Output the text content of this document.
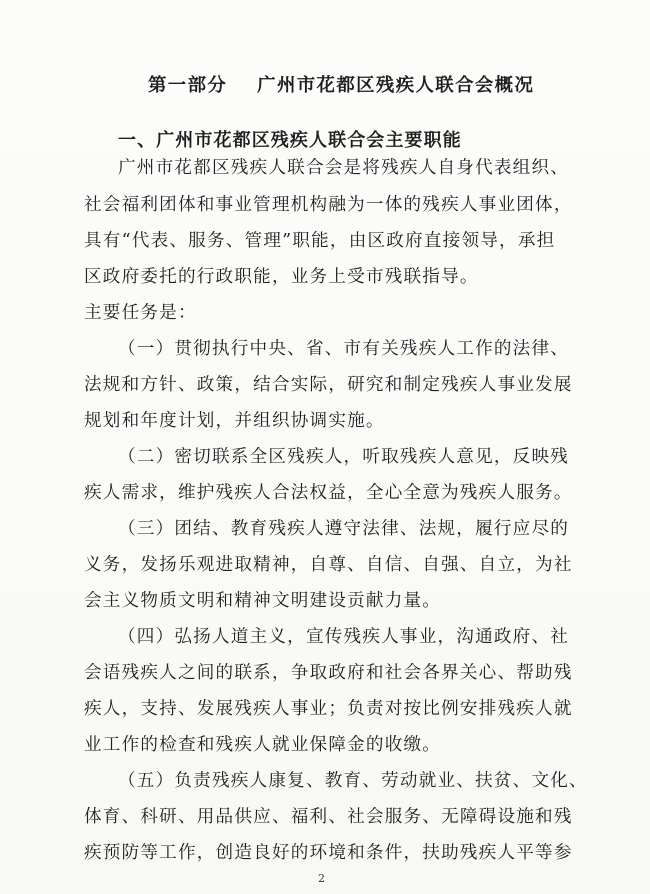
第一部分 广州市花都区残疾人联合会概况
一、广州市花都区残疾人联合会主要职能
广州市花都区残疾人联合会是将残疾人自身代表组织、
社会福利团体和事业管理机构融为一体的残疾人事业团体，
具有“代表、服务、管理”职能，由区政府直接领导，承担
区政府委托的行政职能，业务上受市残联指导。
主要任务是：
（一）贯彻执行中央、省、市有关残疾人工作的法律、
法规和方针、政策，结合实际，研究和制定残疾人事业发展
规划和年度计划，并组织协调实施。
（二）密切联系全区残疾人，听取残疾人意见，反映残
疾人需求，维护残疾人合法权益，全心全意为残疾人服务。
（三）团结、教育残疾人遵守法律、法规，履行应尽的
义务，发扬乐观进取精神，自尊、自信、自强、自立，为社
会主义物质文明和精神文明建设贡献力量。
（四）弘扬人道主义，宣传残疾人事业，沟通政府、社
会语残疾人之间的联系，争取政府和社会各界关心、帮助残
疾人，支持、发展残疾人事业；负责对按比例安排残疾人就
业工作的检查和残疾人就业保障金的收缴。
（五）负责残疾人康复、教育、劳动就业、扶贫、文化、
体育、科研、用品供应、福利、社会服务、无障碍设施和残
疾预防等工作，创造良好的环境和条件，扶助残疾人平等参
2
